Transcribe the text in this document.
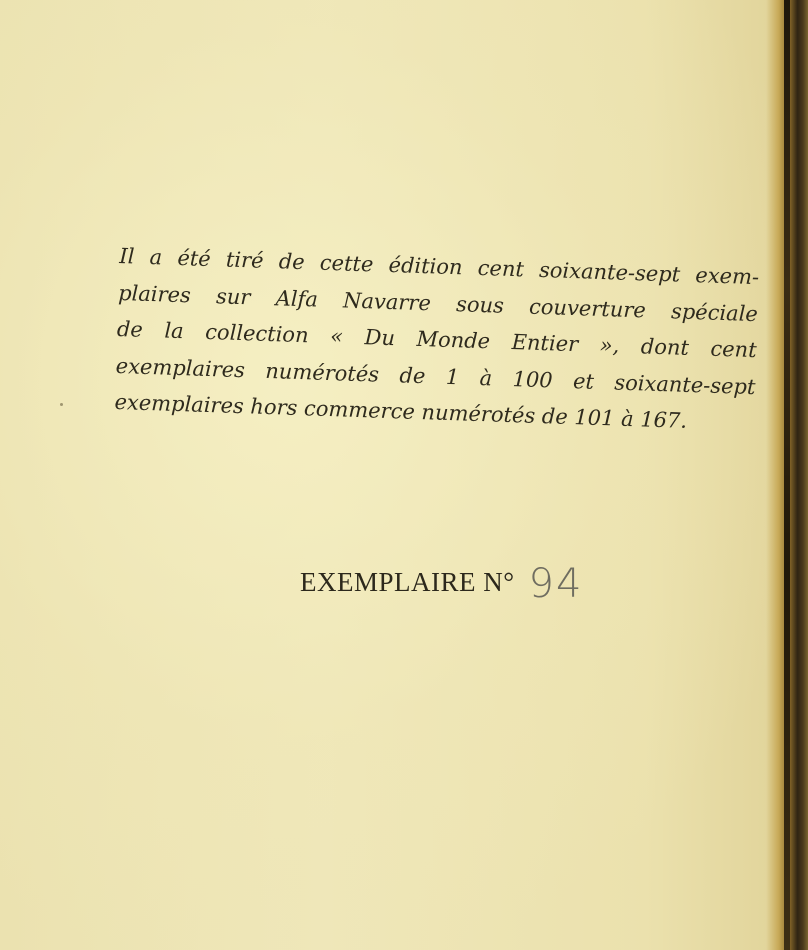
Il a été tiré de cette édition cent soixante-sept exem-
plaires sur Alfa Navarre sous couverture spéciale
de la collection « Du Monde Entier », dont cent
exemplaires numérotés de 1 à 100 et soixante-sept
exemplaires hors commerce numérotés de 101 à 167.

EXEMPLAIRE N° 94
